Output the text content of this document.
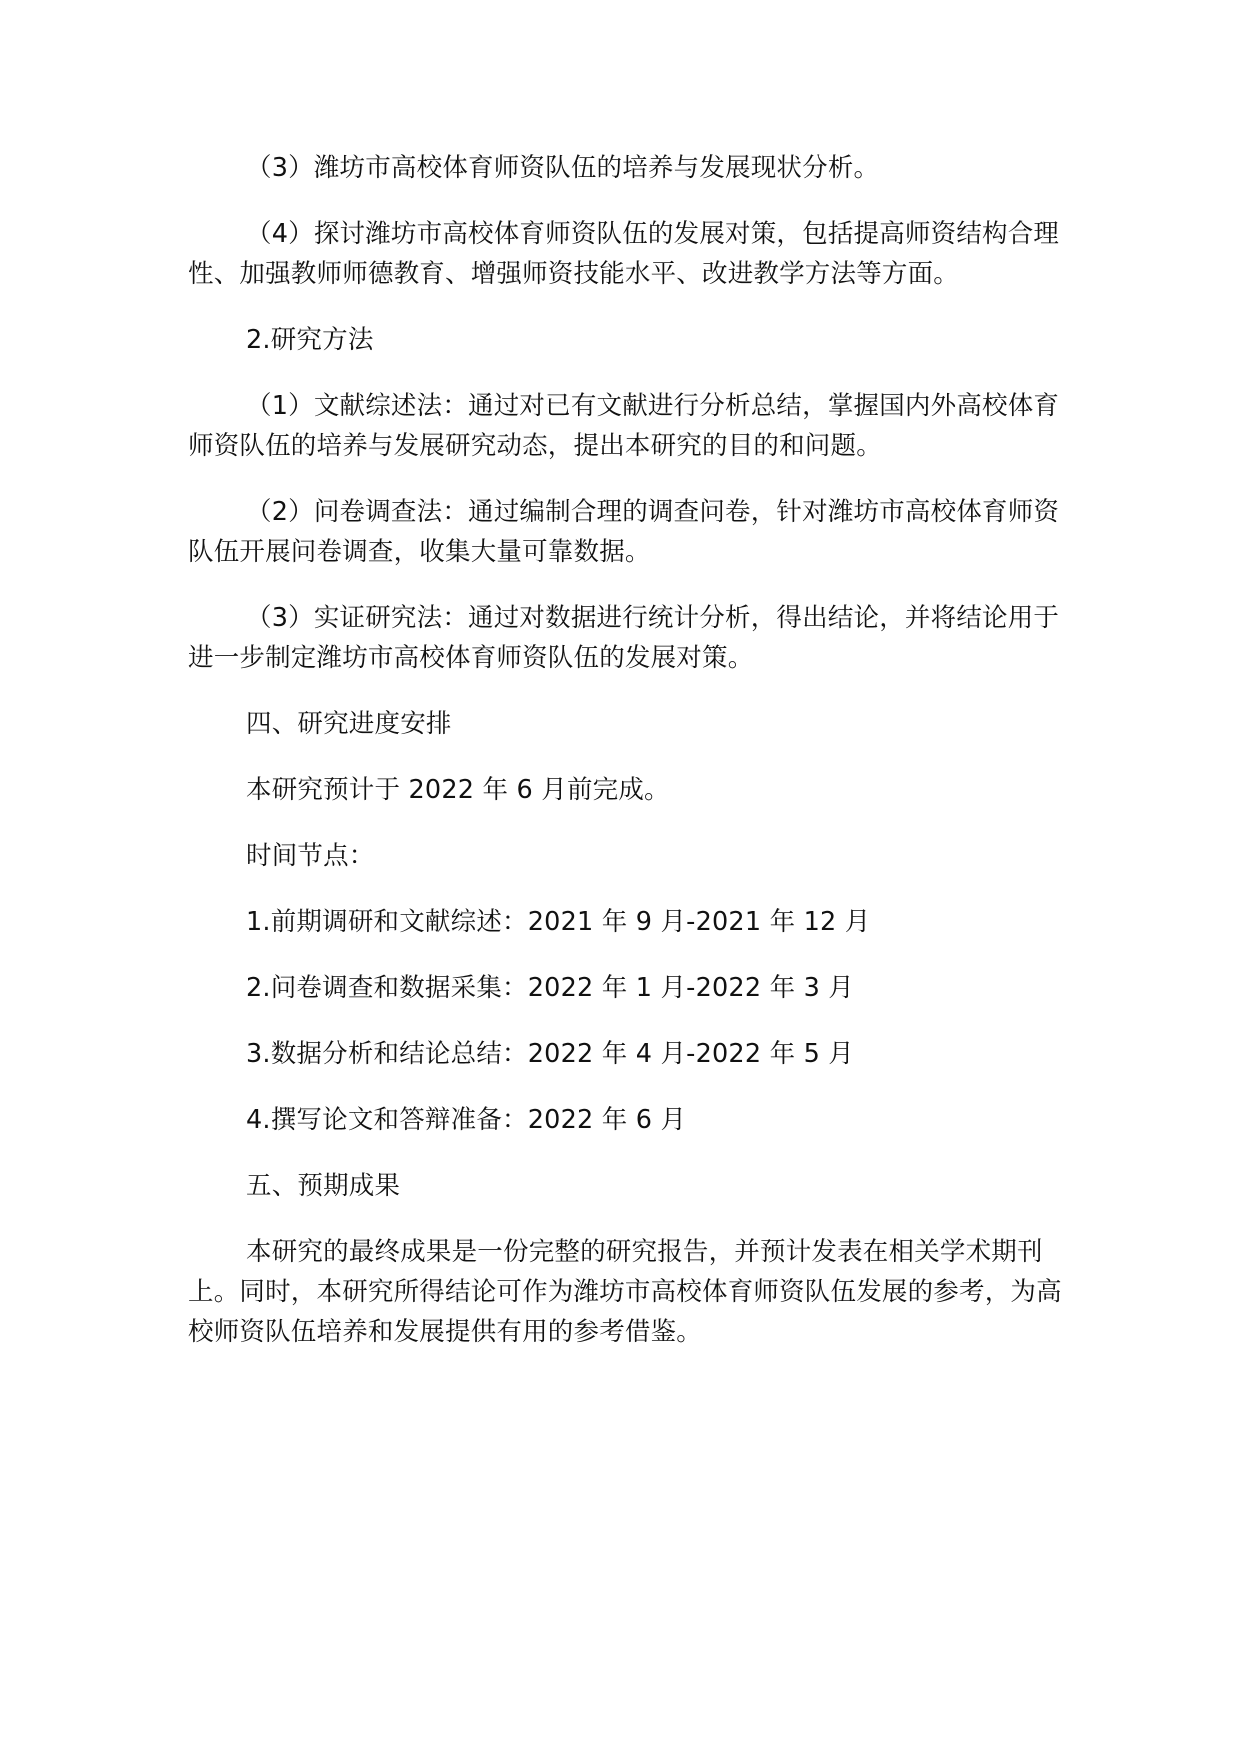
（3）潍坊市高校体育师资队伍的培养与发展现状分析。

（4）探讨潍坊市高校体育师资队伍的发展对策，包括提高师资结构合理性、加强教师师德教育、增强师资技能水平、改进教学方法等方面。

2.研究方法

（1）文献综述法：通过对已有文献进行分析总结，掌握国内外高校体育师资队伍的培养与发展研究动态，提出本研究的目的和问题。

（2）问卷调查法：通过编制合理的调查问卷，针对潍坊市高校体育师资队伍开展问卷调查，收集大量可靠数据。

（3）实证研究法：通过对数据进行统计分析，得出结论，并将结论用于进一步制定潍坊市高校体育师资队伍的发展对策。

四、研究进度安排

本研究预计于 2022 年 6 月前完成。

时间节点：

1.前期调研和文献综述：2021 年 9 月-2021 年 12 月

2.问卷调查和数据采集：2022 年 1 月-2022 年 3 月

3.数据分析和结论总结：2022 年 4 月-2022 年 5 月

4.撰写论文和答辩准备：2022 年 6 月

五、预期成果

本研究的最终成果是一份完整的研究报告，并预计发表在相关学术期刊上。同时，本研究所得结论可作为潍坊市高校体育师资队伍发展的参考，为高校师资队伍培养和发展提供有用的参考借鉴。
